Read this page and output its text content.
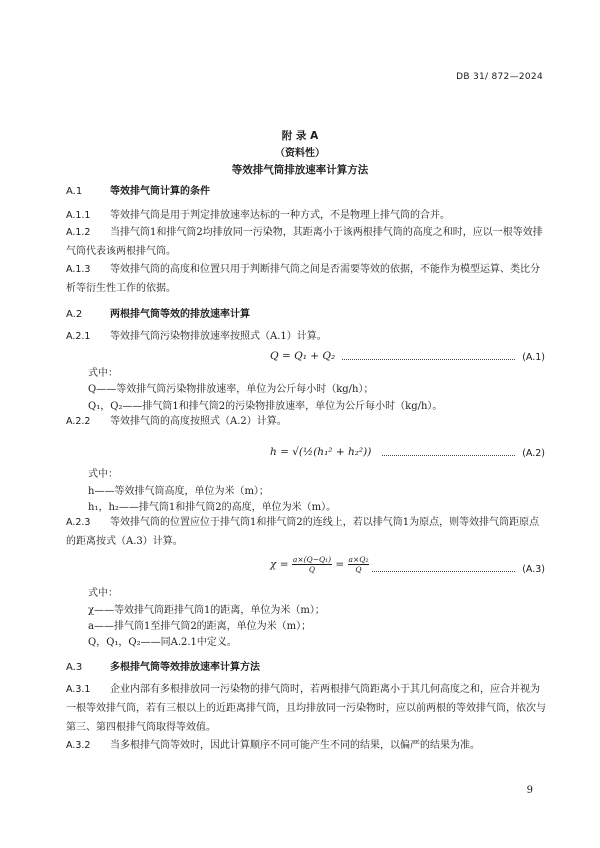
DB 31/ 872—2024
附 录 A
（资料性）
等效排气筒排放速率计算方法
A.1	等效排气筒计算的条件
A.1.1 等效排气筒是用于判定排放速率达标的一种方式，不是物理上排气筒的合并。
A.1.2 当排气筒1和排气筒2均排放同一污染物，其距离小于该两根排气筒的高度之和时，应以一根等效排气筒代表该两根排气筒。
A.1.3 等效排气筒的高度和位置只用于判断排气筒之间是否需要等效的依据，不能作为模型运算、类比分析等衍生性工作的依据。
A.2	两根排气筒等效的排放速率计算
A.2.1 等效排气筒污染物排放速率按照式（A.1）计算。
Q = Q₁ + Q₂	(A.1)
式中：
Q——等效排气筒污染物排放速率，单位为公斤每小时（kg/h）；
Q₁，Q₂——排气筒1和排气筒2的污染物排放速率，单位为公斤每小时（kg/h）。
A.2.2 等效排气筒的高度按照式（A.2）计算。
h = √(½(h₁² + h₂²))	(A.2)
式中：
h——等效排气筒高度，单位为米（m）；
h₁，h₂——排气筒1和排气筒2的高度，单位为米（m）。
A.2.3 等效排气筒的位置应位于排气筒1和排气筒2的连线上，若以排气筒1为原点，则等效排气筒距原点的距离按式（A.3）计算。
$\chi = \frac{\text{a×(Q−Q₁)}}{Q} = \frac{\text{a×Q₂}}{Q}$	(A.3)
式中：
χ——等效排气筒距排气筒1的距离，单位为米（m）；
a——排气筒1至排气筒2的距离，单位为米（m）；
Q，Q₁，Q₂——同A.2.1中定义。
A.3	多根排气筒等效排放速率计算方法
A.3.1 企业内部有多根排放同一污染物的排气筒时，若两根排气筒距离小于其几何高度之和，应合并视为一根等效排气筒，若有三根以上的近距离排气筒，且均排放同一污染物时，应以前两根的等效排气筒，依次与第三、第四根排气筒取得等效值。
A.3.2 当多根排气筒等效时，因此计算顺序不同可能产生不同的结果，以偏严的结果为准。
9
